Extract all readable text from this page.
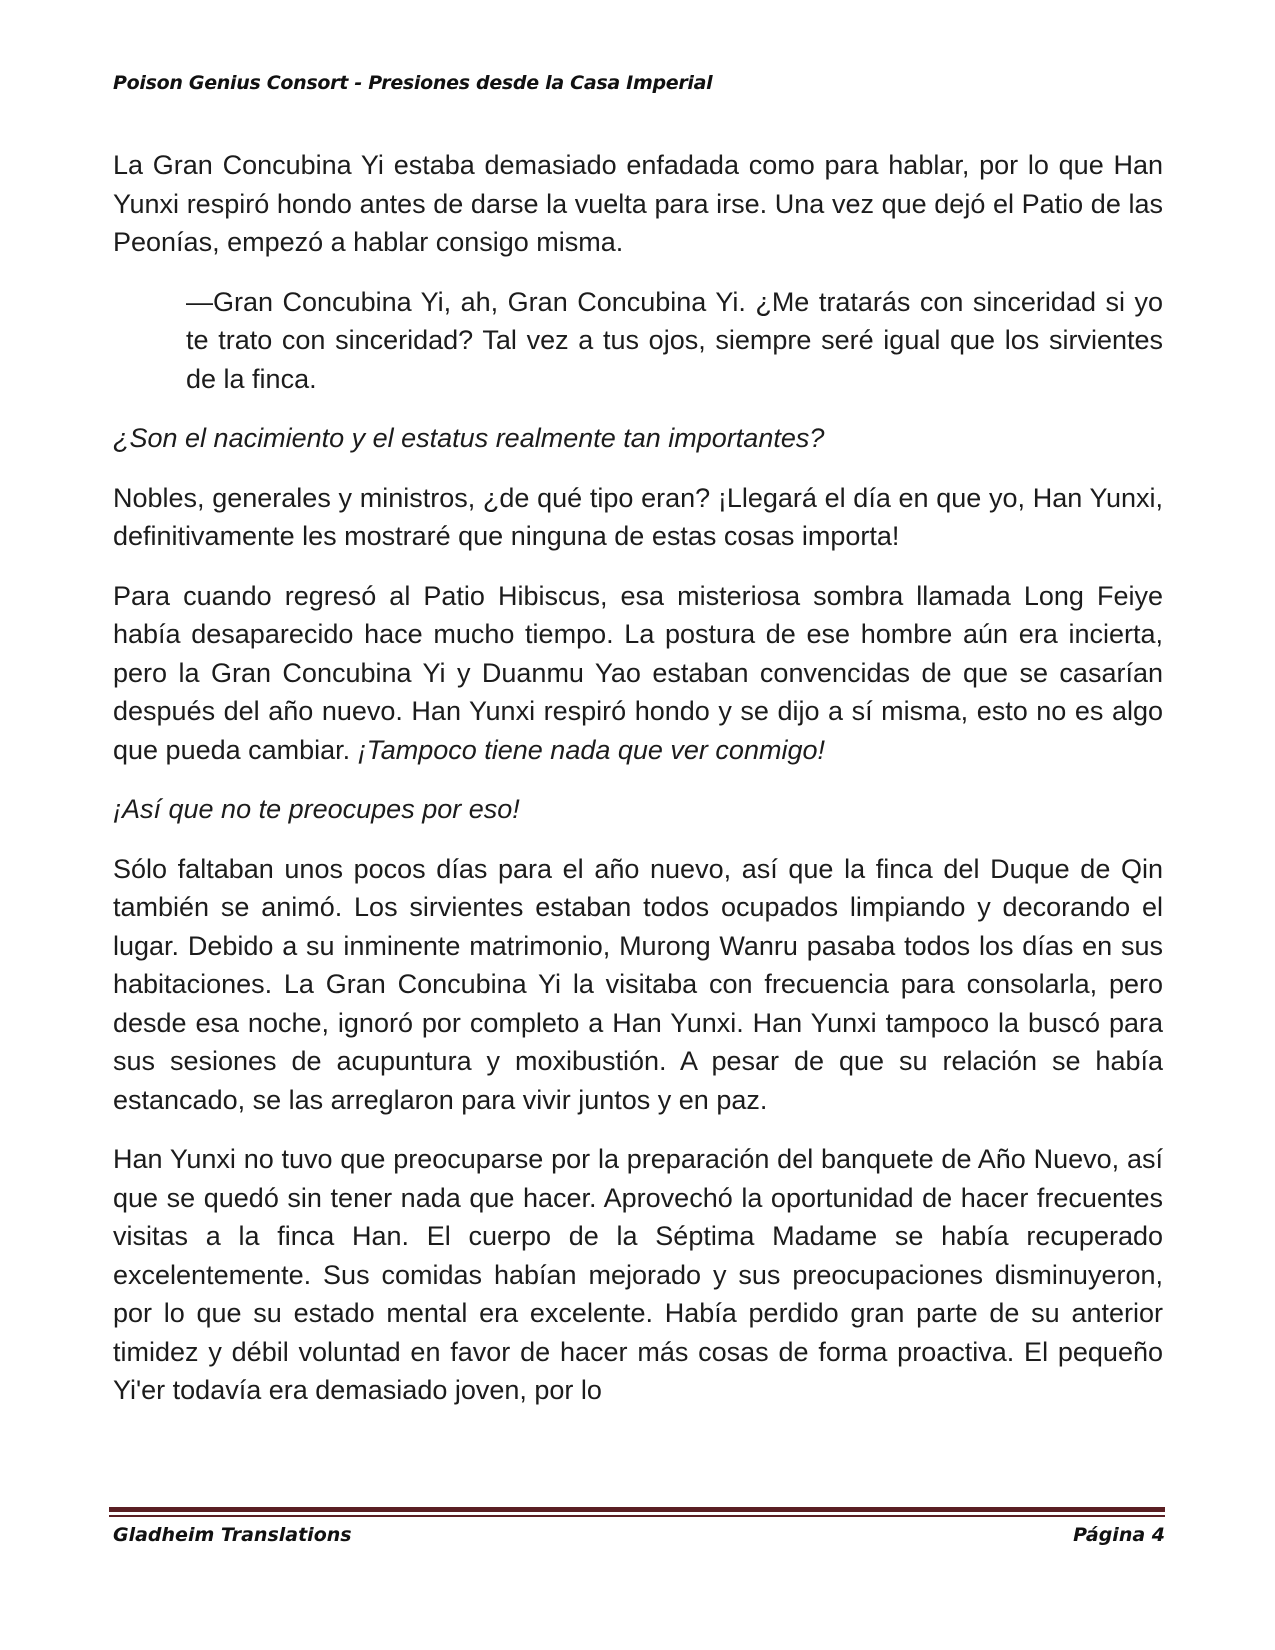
Poison Genius Consort - Presiones desde la Casa Imperial

La Gran Concubina Yi estaba demasiado enfadada como para hablar, por lo que Han Yunxi respiró hondo antes de darse la vuelta para irse. Una vez que dejó el Patio de las Peonías, empezó a hablar consigo misma.

—Gran Concubina Yi, ah, Gran Concubina Yi. ¿Me tratarás con sinceridad si yo te trato con sinceridad? Tal vez a tus ojos, siempre seré igual que los sirvientes de la finca.

¿Son el nacimiento y el estatus realmente tan importantes?

Nobles, generales y ministros, ¿de qué tipo eran? ¡Llegará el día en que yo, Han Yunxi, definitivamente les mostraré que ninguna de estas cosas importa!

Para cuando regresó al Patio Hibiscus, esa misteriosa sombra llamada Long Feiye había desaparecido hace mucho tiempo. La postura de ese hombre aún era incierta, pero la Gran Concubina Yi y Duanmu Yao estaban convencidas de que se casarían después del año nuevo. Han Yunxi respiró hondo y se dijo a sí misma, esto no es algo que pueda cambiar. ¡Tampoco tiene nada que ver conmigo!

¡Así que no te preocupes por eso!

Sólo faltaban unos pocos días para el año nuevo, así que la finca del Duque de Qin también se animó. Los sirvientes estaban todos ocupados limpiando y decorando el lugar. Debido a su inminente matrimonio, Murong Wanru pasaba todos los días en sus habitaciones. La Gran Concubina Yi la visitaba con frecuencia para consolarla, pero desde esa noche, ignoró por completo a Han Yunxi. Han Yunxi tampoco la buscó para sus sesiones de acupuntura y moxibustión. A pesar de que su relación se había estancado, se las arreglaron para vivir juntos y en paz.

Han Yunxi no tuvo que preocuparse por la preparación del banquete de Año Nuevo, así que se quedó sin tener nada que hacer. Aprovechó la oportunidad de hacer frecuentes visitas a la finca Han. El cuerpo de la Séptima Madame se había recuperado excelentemente. Sus comidas habían mejorado y sus preocupaciones disminuyeron, por lo que su estado mental era excelente. Había perdido gran parte de su anterior timidez y débil voluntad en favor de hacer más cosas de forma proactiva. El pequeño Yi'er todavía era demasiado joven, por lo

Gladheim Translations	Página 4
